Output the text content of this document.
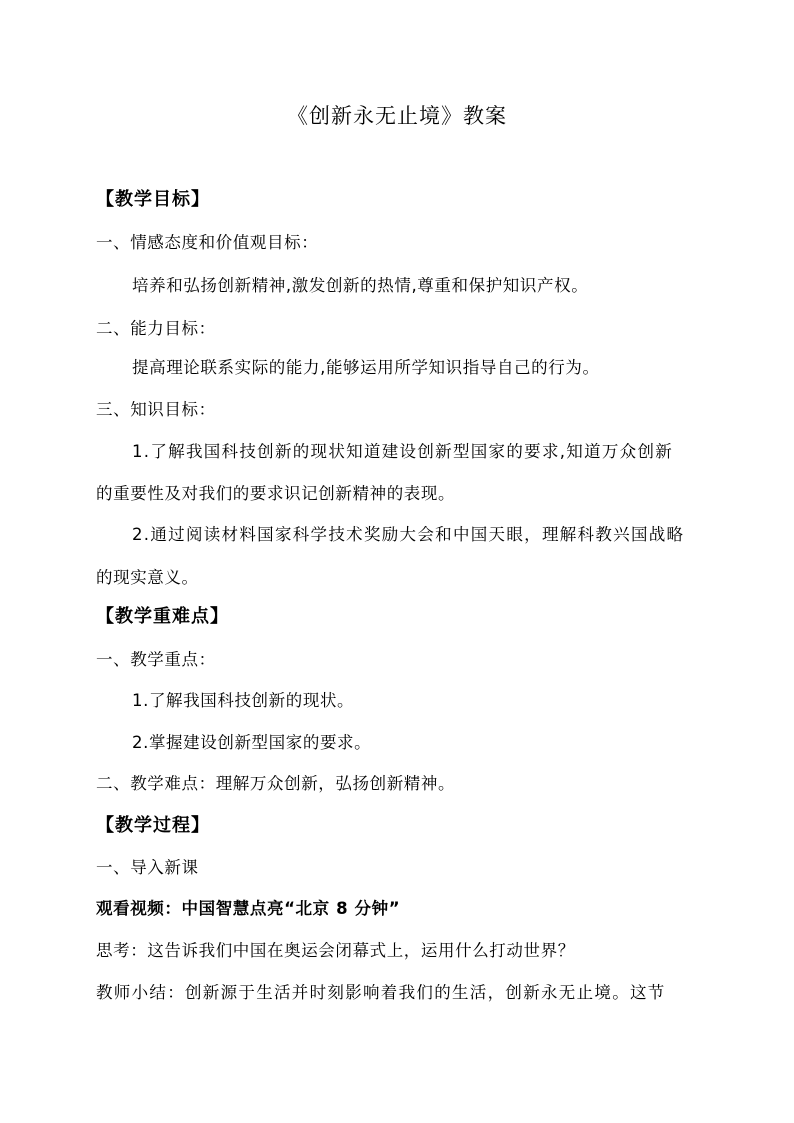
《创新永无止境》教案
【教学目标】
一、情感态度和价值观目标：
培养和弘扬创新精神,激发创新的热情,尊重和保护知识产权。
二、能力目标：
提高理论联系实际的能力,能够运用所学知识指导自己的行为。
三、知识目标：
1.了解我国科技创新的现状知道建设创新型国家的要求,知道万众创新
的重要性及对我们的要求识记创新精神的表现。
2.通过阅读材料国家科学技术奖励大会和中国天眼，理解科教兴国战略
的现实意义。
【教学重难点】
一、教学重点：
1.了解我国科技创新的现状。
2.掌握建设创新型国家的要求。
二、教学难点：理解万众创新，弘扬创新精神。
【教学过程】
一、导入新课
观看视频：中国智慧点亮“北京 8 分钟”
思考：这告诉我们中国在奥运会闭幕式上，运用什么打动世界？
教师小结：创新源于生活并时刻影响着我们的生活，创新永无止境。这节
